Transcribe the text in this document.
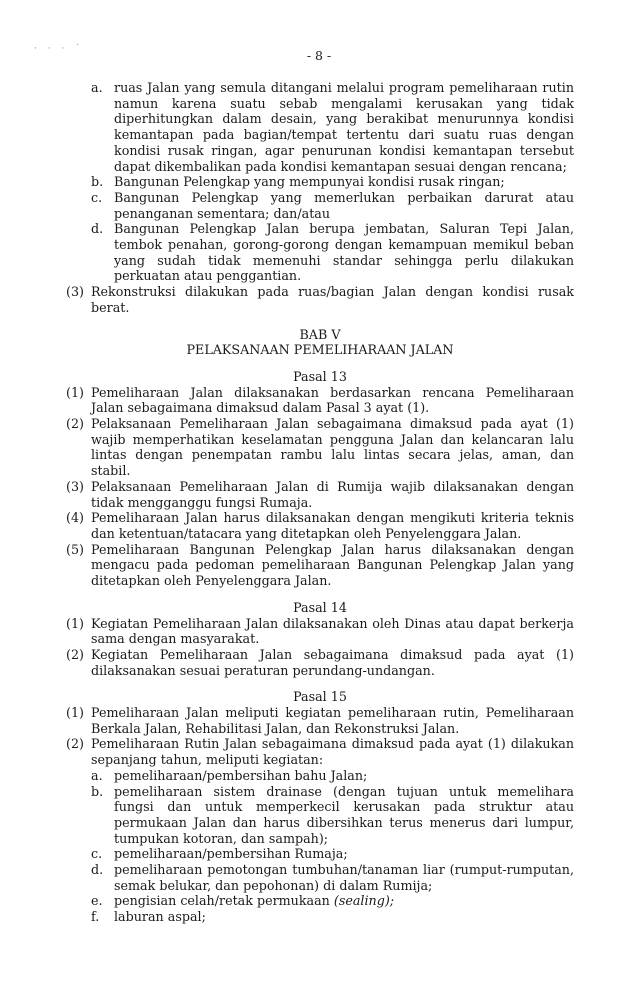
· · · ˙	- 8 -
a. ruas Jalan yang semula ditangani melalui program pemeliharaan rutin namun karena suatu sebab mengalami kerusakan yang tidak diperhitungkan dalam desain, yang berakibat menurunnya kondisi kemantapan pada bagian/tempat tertentu dari suatu ruas dengan kondisi rusak ringan, agar penurunan kondisi kemantapan tersebut dapat dikembalikan pada kondisi kemantapan sesuai dengan rencana;
b. Bangunan Pelengkap yang mempunyai kondisi rusak ringan;
c. Bangunan Pelengkap yang memerlukan perbaikan darurat atau penanganan sementara; dan/atau
d. Bangunan Pelengkap Jalan berupa jembatan, Saluran Tepi Jalan, tembok penahan, gorong-gorong dengan kemampuan memikul beban yang sudah tidak memenuhi standar sehingga perlu dilakukan perkuatan atau penggantian.
(3) Rekonstruksi dilakukan pada ruas/bagian Jalan dengan kondisi rusak berat.
BAB V
PELAKSANAAN PEMELIHARAAN JALAN
Pasal 13
(1) Pemeliharaan Jalan dilaksanakan berdasarkan rencana Pemeliharaan Jalan sebagaimana dimaksud dalam Pasal 3 ayat (1).
(2) Pelaksanaan Pemeliharaan Jalan sebagaimana dimaksud pada ayat (1) wajib memperhatikan keselamatan pengguna Jalan dan kelancaran lalu lintas dengan penempatan rambu lalu lintas secara jelas, aman, dan stabil.
(3) Pelaksanaan Pemeliharaan Jalan di Rumija wajib dilaksanakan dengan tidak mengganggu fungsi Rumaja.
(4) Pemeliharaan Jalan harus dilaksanakan dengan mengikuti kriteria teknis dan ketentuan/tatacara yang ditetapkan oleh Penyelenggara Jalan.
(5) Pemeliharaan Bangunan Pelengkap Jalan harus dilaksanakan dengan mengacu pada pedoman pemeliharaan Bangunan Pelengkap Jalan yang ditetapkan oleh Penyelenggara Jalan.
Pasal 14
(1) Kegiatan Pemeliharaan Jalan dilaksanakan oleh Dinas atau dapat berkerja sama dengan masyarakat.
(2) Kegiatan Pemeliharaan Jalan sebagaimana dimaksud pada ayat (1) dilaksanakan sesuai peraturan perundang-undangan.
Pasal 15
(1) Pemeliharaan Jalan meliputi kegiatan pemeliharaan rutin, Pemeliharaan Berkala Jalan, Rehabilitasi Jalan, dan Rekonstruksi Jalan.
(2) Pemeliharaan Rutin Jalan sebagaimana dimaksud pada ayat (1) dilakukan sepanjang tahun, meliputi kegiatan:
a. pemeliharaan/pembersihan bahu Jalan;
b. pemeliharaan sistem drainase (dengan tujuan untuk memelihara fungsi dan untuk memperkecil kerusakan pada struktur atau permukaan Jalan dan harus dibersihkan terus menerus dari lumpur, tumpukan kotoran, dan sampah);
c. pemeliharaan/pembersihan Rumaja;
d. pemeliharaan pemotongan tumbuhan/tanaman liar (rumput-rumputan, semak belukar, dan pepohonan) di dalam Rumija;
e. pengisian celah/retak permukaan (sealing);
f.	laburan aspal;
